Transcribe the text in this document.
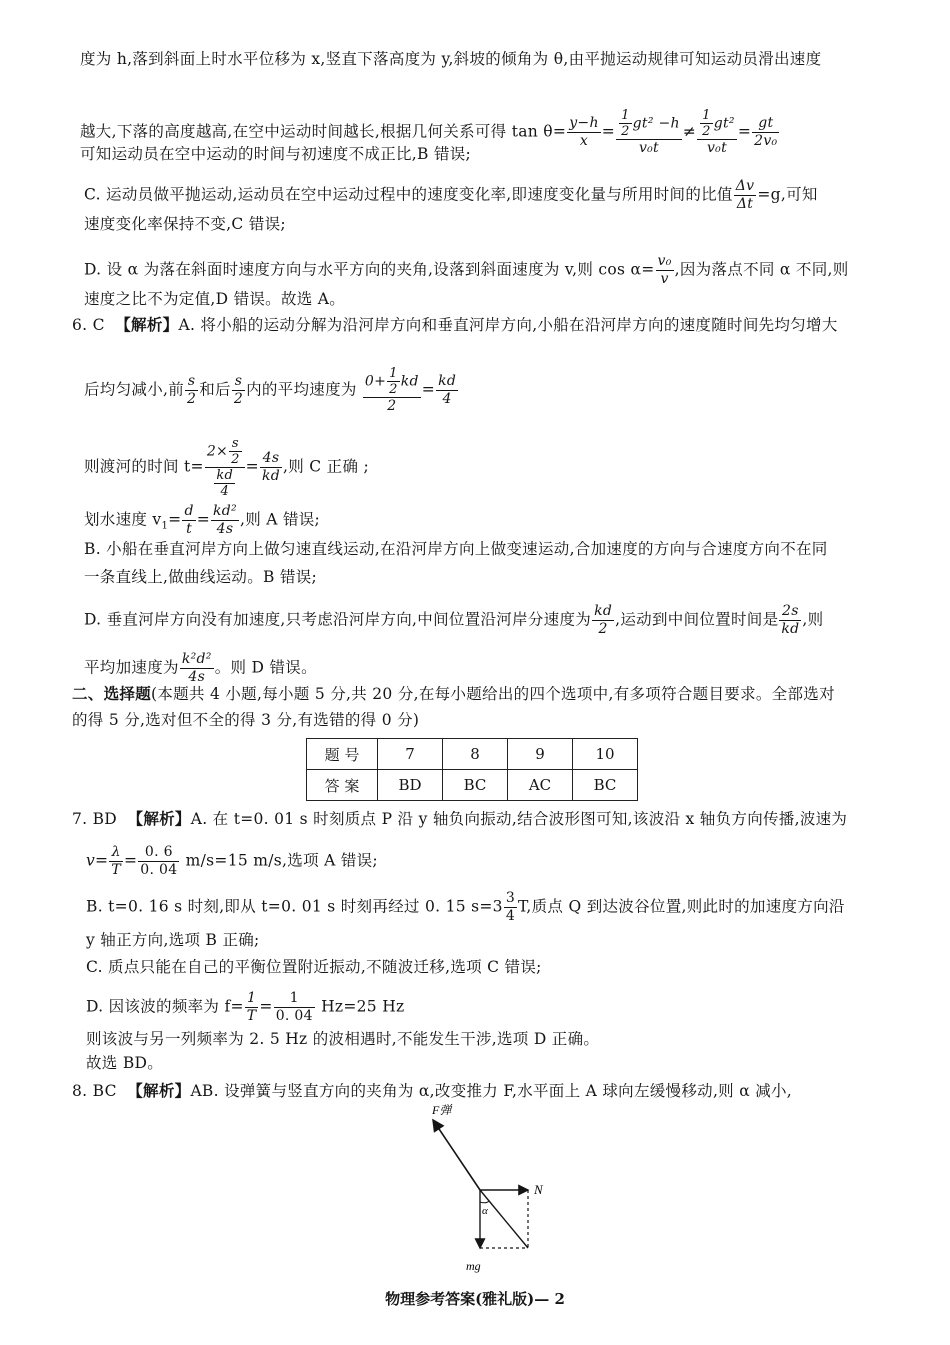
度为 h,落到斜面上时水平位移为 x,竖直下落高度为 y,斜坡的倾角为 θ,由平抛运动规律可知运动员滑出速度
越大,下落的高度越高,在空中运动时间越长,根据几何关系可得 $\tan \theta= \frac{y-h}{x} = \frac{\frac{1}{2} gt^2 -h}{\text{v₀t}} \ne \frac{\frac{1}{2} gt^2}{\text{v₀t}} = \frac{gt}{\text{2v₀}}$
可知运动员在空中运动的时间与初速度不成正比,B 错误;
C. 运动员做平抛运动,运动员在空中运动过程中的速度变化率,即速度变化量与所用时间的比值 $\frac{\Delta v}{\Delta t} =g$,可知
速度变化率保持不变,C 错误;
D. 设 α 为落在斜面时速度方向与水平方向的夹角,设落到斜面速度为 v,则 $\cos \alpha= \frac{\text{v₀}}{v}$ ,因为落点不同 α 不同,则
速度之比不为定值,D 错误。故选 A。
6. C 【解析】A. 将小船的运动分解为沿河岸方向和垂直河岸方向,小船在沿河岸方向的速度随时间先均匀增大
后均匀减小,前 $\frac{s}{2}$ 和后 $\frac{s}{2}$ 内的平均速度为 $\frac{0+ \frac{1}{2} kd}{2} = \frac{kd}{4}$
则渡河的时间 $t= \frac{2\times \frac{s}{2}}{\frac{kd}{4}} = \frac{4s}{kd}$ ,则 C 正确 ;
划水速度 $v_1= \frac{d}{t} = \frac{\text{kd²}}{4s}$ ,则 A 错误;
B. 小船在垂直河岸方向上做匀速直线运动,在沿河岸方向上做变速运动,合加速度的方向与合速度方向不在同
一条直线上,做曲线运动。B 错误;
D. 垂直河岸方向没有加速度,只考虑沿河岸方向,中间位置沿河岸分速度为 $\frac{kd}{2}$ ,运动到中间位置时间是 $\frac{2s}{kd}$ ,则
平均加速度为 $\frac{\text{k²d²}}{4s}$ 。则 D 错误。
二、选择题(本题共 4 小题,每小题 5 分,共 20 分,在每小题给出的四个选项中,有多项符合题目要求。全部选对
的得 5 分,选对但不全的得 3 分,有选错的得 0 分)
题 号	7	8	9	10
答 案	BD	BC	AC	BC
7. BD 【解析】A. 在 t=0. 01 s 时刻质点 P 沿 y 轴负向振动,结合波形图可知,该波沿 x 轴负方向传播,波速为
$v= \frac{\lambda}{T} = \frac{0. 6}{0. 04} m/s=15$ m/s,选项 A 错误;
B. t=0. 16 s 时刻,即从 t=0. 01 s 时刻再经过 0. 15 $s=3 \frac{3}{4} T$,质点 Q 到达波谷位置,则此时的加速度方向沿
y 轴正方向,选项 B 正确;
C. 质点只能在自己的平衡位置附近振动,不随波迁移,选项 C 错误;
D. 因该波的频率为 $f= \frac{1}{T} = \frac{1}{0. 04} Hz=25$ Hz
则该波与另一列频率为 2. 5 Hz 的波相遇时,不能发生干涉,选项 D 正确。
故选 BD。
8. BC 【解析】AB. 设弹簧与竖直方向的夹角为 α,改变推力 F,水平面上 A 球向左缓慢移动,则 α 减小,
F弹
N
mg
α
物理参考答案(雅礼版)— 2
